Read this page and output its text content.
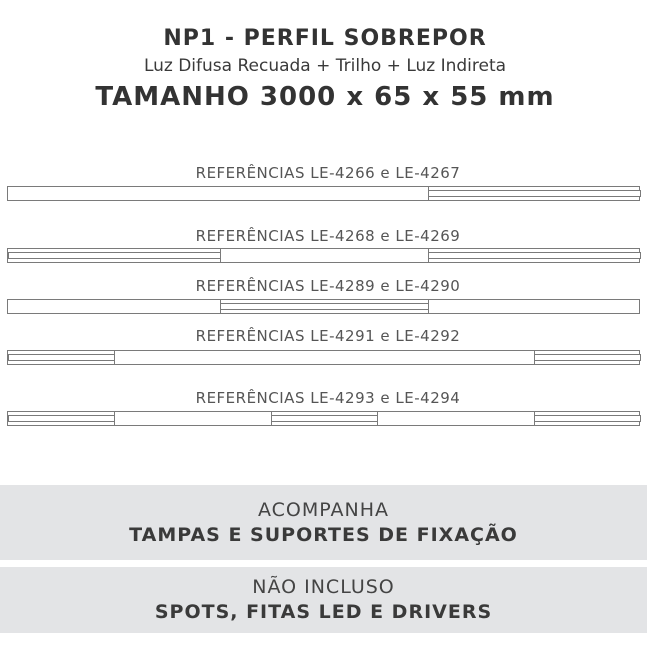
NP1 - PERFIL SOBREPOR
Luz Difusa Recuada + Trilho + Luz Indireta
TAMANHO 3000 x 65 x 55 mm
REFERÊNCIAS LE-4266 e LE-4267
REFERÊNCIAS LE-4268 e LE-4269
REFERÊNCIAS LE-4289 e LE-4290
REFERÊNCIAS LE-4291 e LE-4292
REFERÊNCIAS LE-4293 e LE-4294
ACOMPANHA
TAMPAS E SUPORTES DE FIXAÇÃO
NÃO INCLUSO
SPOTS, FITAS LED E DRIVERS
